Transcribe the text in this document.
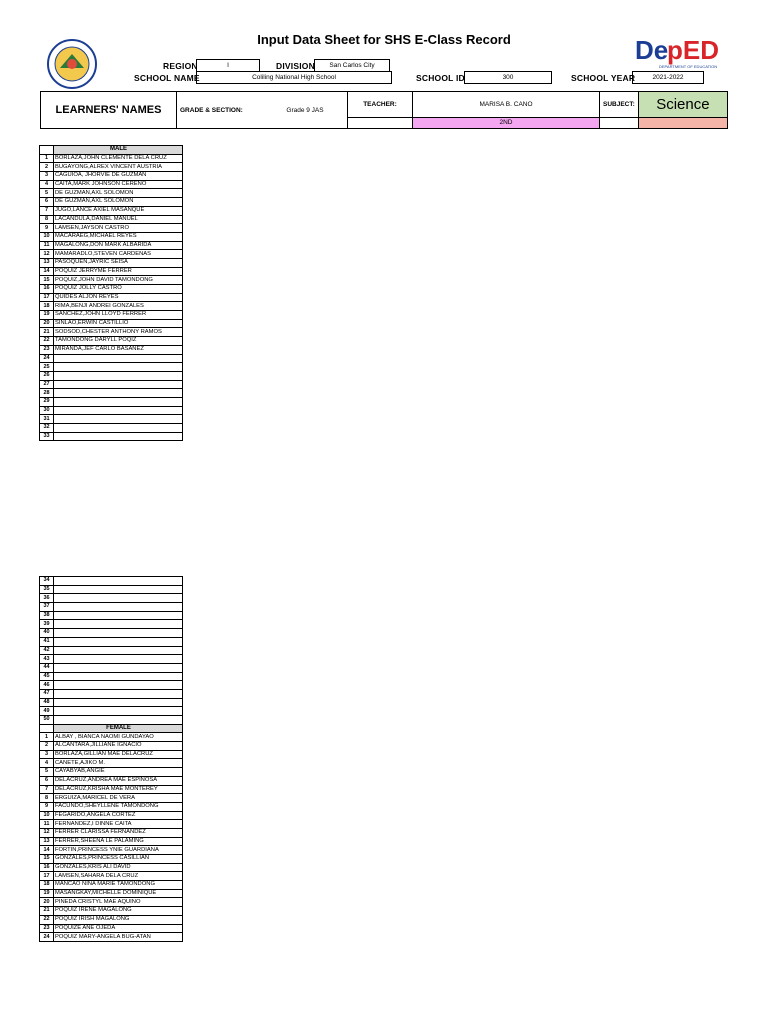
Input Data Sheet for SHS E-Class Record	De
pED
DEPARTMENT OF EDUCATION
REGION	I	DIVISION	San Carlos City
SCHOOL NAME	Coliling National High School	SCHOOL ID	300	SCHOOL YEAR	2021-2022
LEARNERS' NAMES	GRADE & SECTION:	Grade 9 JAS	TEACHER:	MARISA B. CANO	SUBJECT:	Science
				2ND		
	MALE
1	BORLAZA,JOHN CLEMENTE DELA CRUZ
2	BUGAYONG,ALREX VINCENT AUSTRIA
3	CAGUIOA, JHORVIE DE GUZMAN
4	CAITA,MARK JOHNSON CERENO
5	DE GUZMAN,AXL SOLOMON
6	DE GUZMAN,AXL SOLOMON
7	JUGO,LANCE AXIEL MASANQUE
8	LACANDULA,DANIEL MANUEL
9	LAMSEN,JAYSON CASTRO
10	MACARAEG,MICHAEL REYES
11	MAGALONG,DON MARK ALBARIDA
12	MAMARADLO,STEVEN CARDENAS
13	PASOQUEN,JAYRIC SEISA
14	POQUIZ JERRYME FERRER
15	POQUIZ,JOHN DAVID TAMONDONG
16	POQUIZ JOLLY CASTRO
17	QUIDES ALJON REYES
18	RIMA,BENJI ANDREI GONZALES
19	SANCHEZ,JOHN LLOYD FERRER
20	SINLAO,ERWIN CASTILLIO
21	SODSOD,CHESTER ANTHONY RAMOS
22	TAMONDONG DARYLL POQIZ
23	MIRANDA,JEF CARLO BASANEZ
24	
25	
26	
27	
28	
29	
30	
31	
32	
33	
34	
35	
36	
37	
38	
39	
40	
41	
42	
43	
44	
45	
46	
47	
48	
49	
50	
	FEMALE
1	ALBAY , BIANCA NAOMI GUNDAYAO
2	ALCANTARA,JILLIANE IGNACIO
3	BORLAZA,GILLIAN MAE DELACRUZ
4	CANETE,AJIKO M.
5	CAYABYAB,ANGIE
6	DELACRUZ,ANDREA MAE ESPINOSA
7	DELACRUZ,KRISHA MAE MONTEREY
8	ERGUIZA,MARICEL DE VERA
9	FACUNDO,SHEYLLENE TAMONDONG
10	FEGARIDO,ANGELA CORTEZ
11	FERNANDEZ,I DINNE CAITA
12	FERRER CLARISSA FERNANDEZ
13	FERRER,SHEENA LE PALAMING
14	FORTIN,PRINCESS YNIE GUARDIANA
15	GONZALES,PRINCESS CASILLIAN
16	GONZALES,KRIS ALI DAVID
17	LAMSEN,SAHARA DELA CRUZ
18	MANCAO NINA MARIE TAMONDONG
19	MASANGKAY,MICHELLE DOMINIQUE
20	PINEDA CRISTYL MAE AQUINO
21	POQUIZ IRENE MAGALONG
22	POQUIZ IRISH MAGALONG
23	POQUIZE ANE OJEDA
24	POQUIZ MARY-ANGELA BUG-ATAN
